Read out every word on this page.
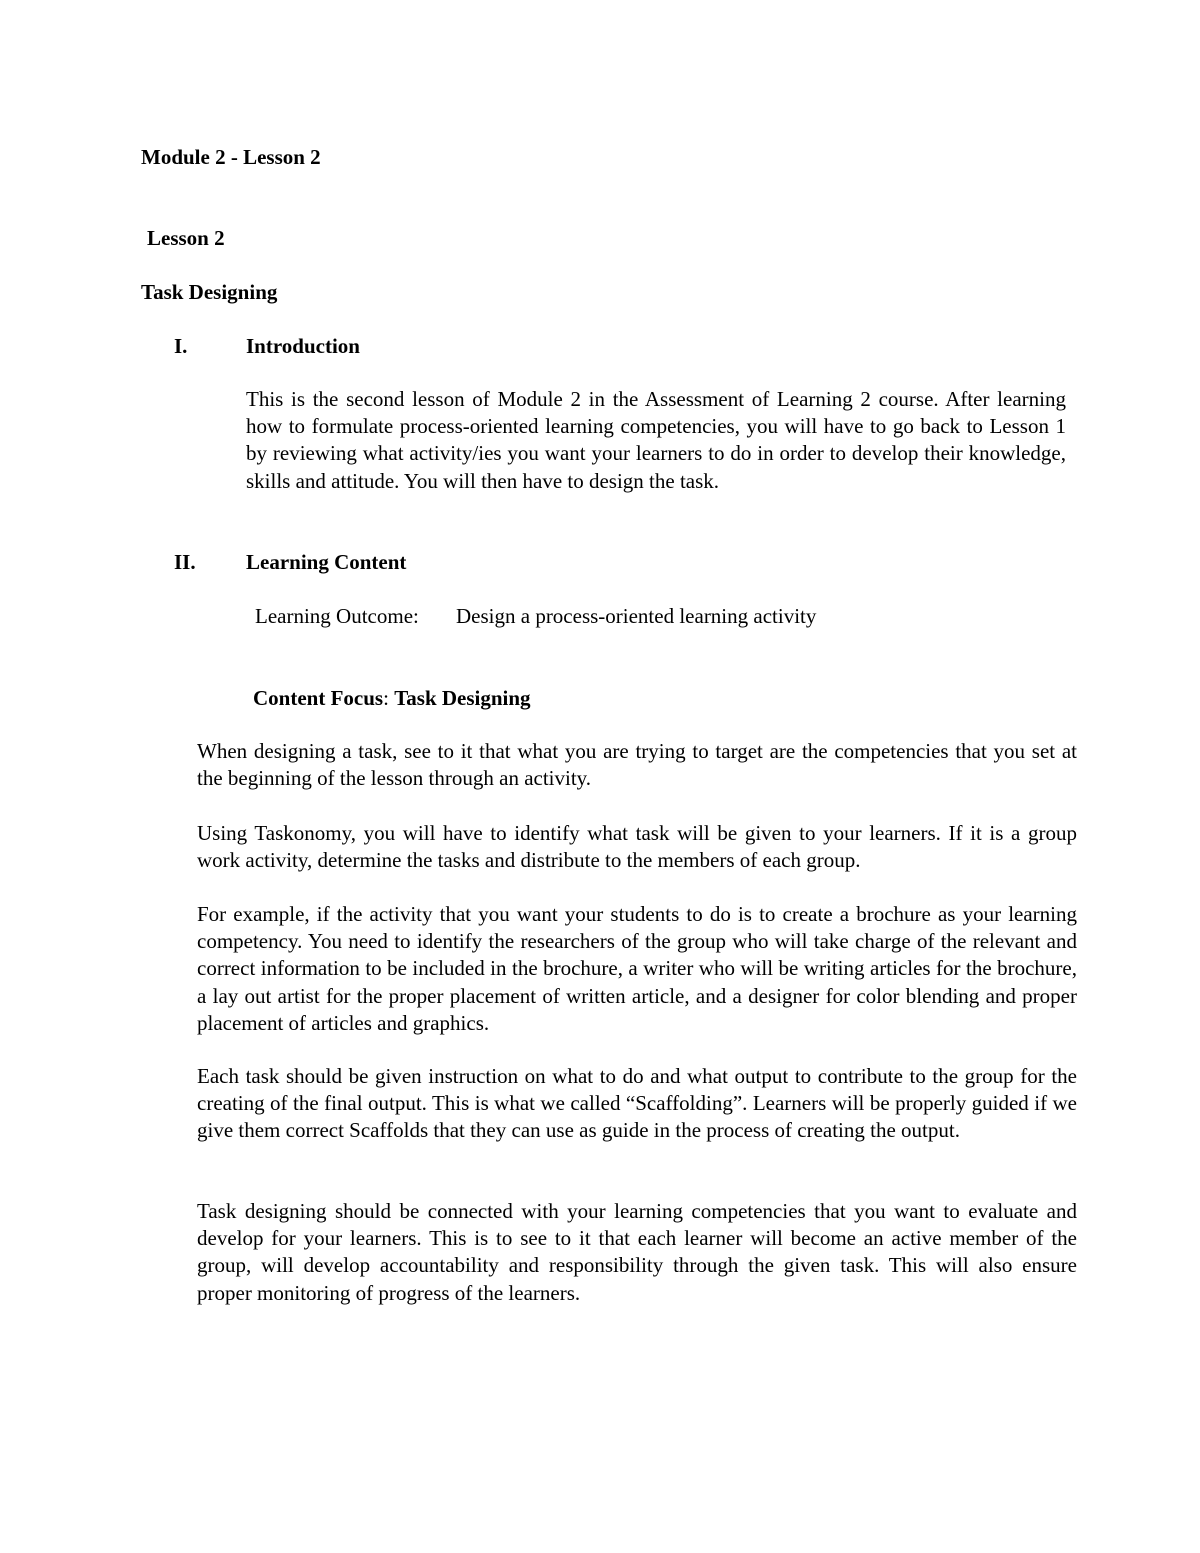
Module 2 - Lesson 2
Lesson 2
Task Designing
I.	Introduction
This is the second lesson of Module 2 in the Assessment of Learning 2 course. After learning how to formulate process-oriented learning competencies, you will have to go back to Lesson 1 by reviewing what activity/ies you want your learners to do in order to develop their knowledge, skills and attitude. You will then have to design the task.
II. Learning Content
Learning Outcome: Design a process-oriented learning activity
Content Focus: Task Designing
When designing a task, see to it that what you are trying to target are the competencies that you set at the beginning of the lesson through an activity.
Using Taskonomy, you will have to identify what task will be given to your learners. If it is a group work activity, determine the tasks and distribute to the members of each group.
For example, if the activity that you want your students to do is to create a brochure as your learning competency. You need to identify the researchers of the group who will take charge of the relevant and correct information to be included in the brochure, a writer who will be writing articles for the brochure, a lay out artist for the proper placement of written article, and a designer for color blending and proper placement of articles and graphics.
Each task should be given instruction on what to do and what output to contribute to the group for the creating of the final output. This is what we called “Scaffolding”. Learners will be properly guided if we give them correct Scaffolds that they can use as guide in the process of creating the output.
Task designing should be connected with your learning competencies that you want to evaluate and develop for your learners. This is to see to it that each learner will become an active member of the group, will develop accountability and responsibility through the given task. This will also ensure proper monitoring of progress of the learners.
